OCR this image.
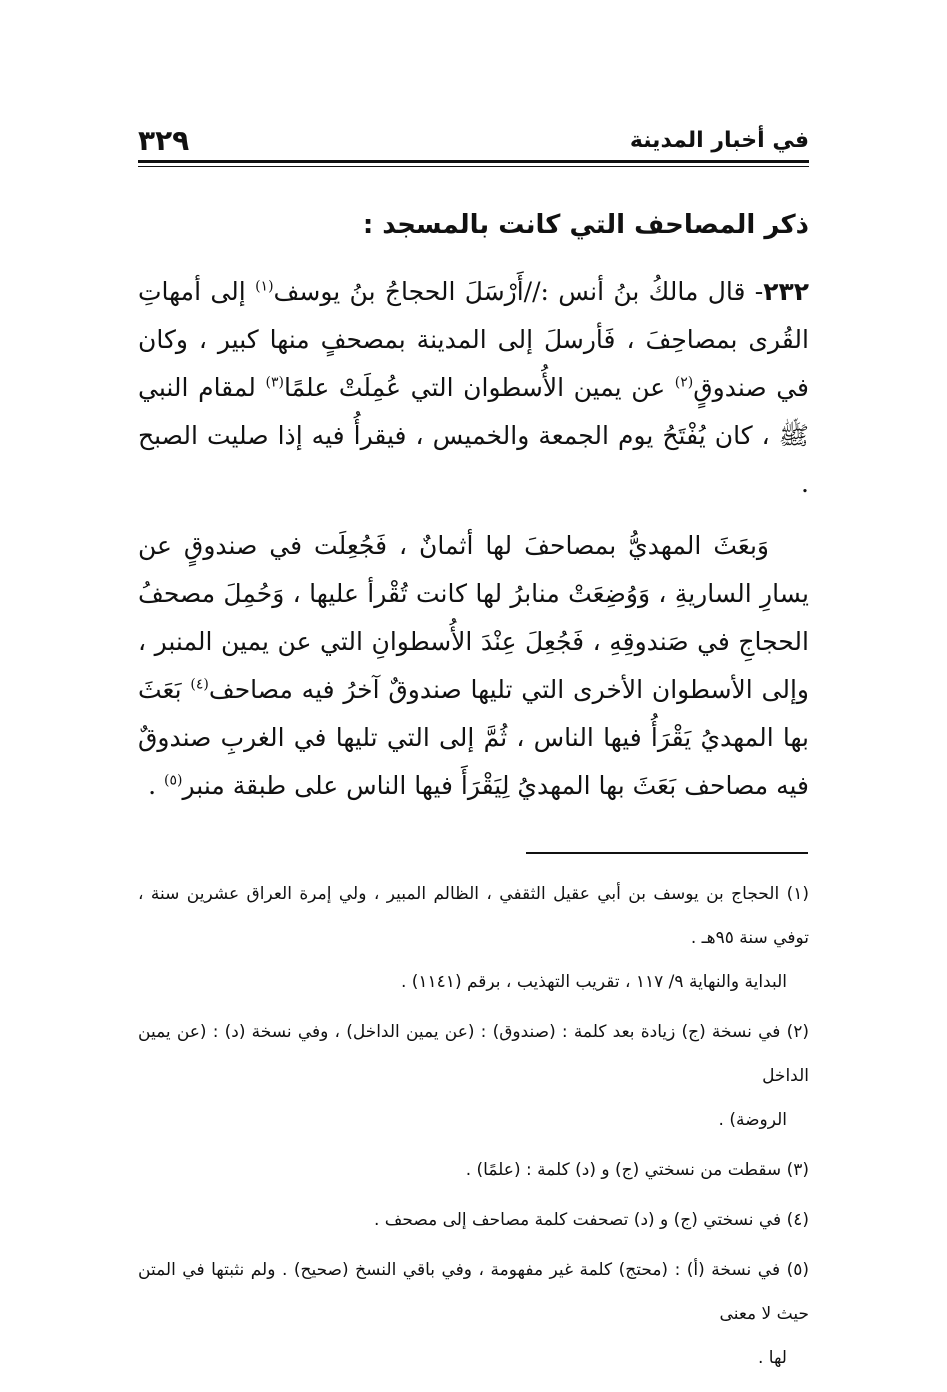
في أخبار المدينة
٣٢٩
ذكر المصاحف التي كانت بالمسجد :

٢٣٢- قال مالكُ بنُ أنس ://أَرْسَلَ الحجاجُ بنُ يوسف$^{(١)}$ إلى أمهاتِ القُرى بمصاحِفَ ، فَأرسلَ إلى المدينة بمصحفٍ منها كبير ، وكان في صندوقٍ$^{(٢)}$ عن يمين الأُسطوان التي عُمِلَتْ علمًا$^{(٣)}$ لمقام النبي ﷺ ، كان يُفْتَحُ يوم الجمعة والخميس ، فيقرأُ فيه إذا صليت الصبح .

وَبعَثَ المهديُّ بمصاحفَ لها أثمانٌ ، فَجُعِلَت في صندوقٍ عن يسارِ الساريةِ ، وَوُضِعَتْ منابرُ لها كانت تُقْرأ عليها ، وَحُمِلَ مصحفُ الحجاجِ في صَندوقِهِ ، فَجُعِلَ عِنْدَ الأُسطوانِ التي عن يمين المنبر ، وإلى الأسطوان الأخرى التي تليها صندوقٌ آخرُ فيه مصاحف$^{(٤)}$ بَعَثَ بها المهديُ يَقْرَأُ فيها الناس ، ثُمَّ إلى التي تليها في الغربِ صندوقٌ فيه مصاحف بَعَثَ بها المهديُ لِيَقْرَأَ فيها الناس على طبقة منبر$^{(٥)}$ .

(١) الحجاج بن يوسف بن أبي عقيل الثقفي ، الظالم المبير ، ولي إمرة العراق عشرين سنة ، توفي سنة ٩٥هـ .
البداية والنهاية ٩/ ١١٧ ، تقريب التهذيب ، برقم (١١٤١) .
(٢) في نسخة (ج) زيادة بعد كلمة : (صندوق) : (عن يمين الداخل) ، وفي نسخة (د) : (عن يمين الداخل
الروضة) .
(٣) سقطت من نسختي (ج) و (د) كلمة : (علمًا) .
(٤) في نسختي (ج) و (د) تصحفت كلمة مصاحف إلى مصحف .
(٥) في نسخة (أ) : (محتج) كلمة غير مفهومة ، وفي باقي النسخ (صحيح) . ولم نثبتها في المتن حيث لا معنى
لها .
